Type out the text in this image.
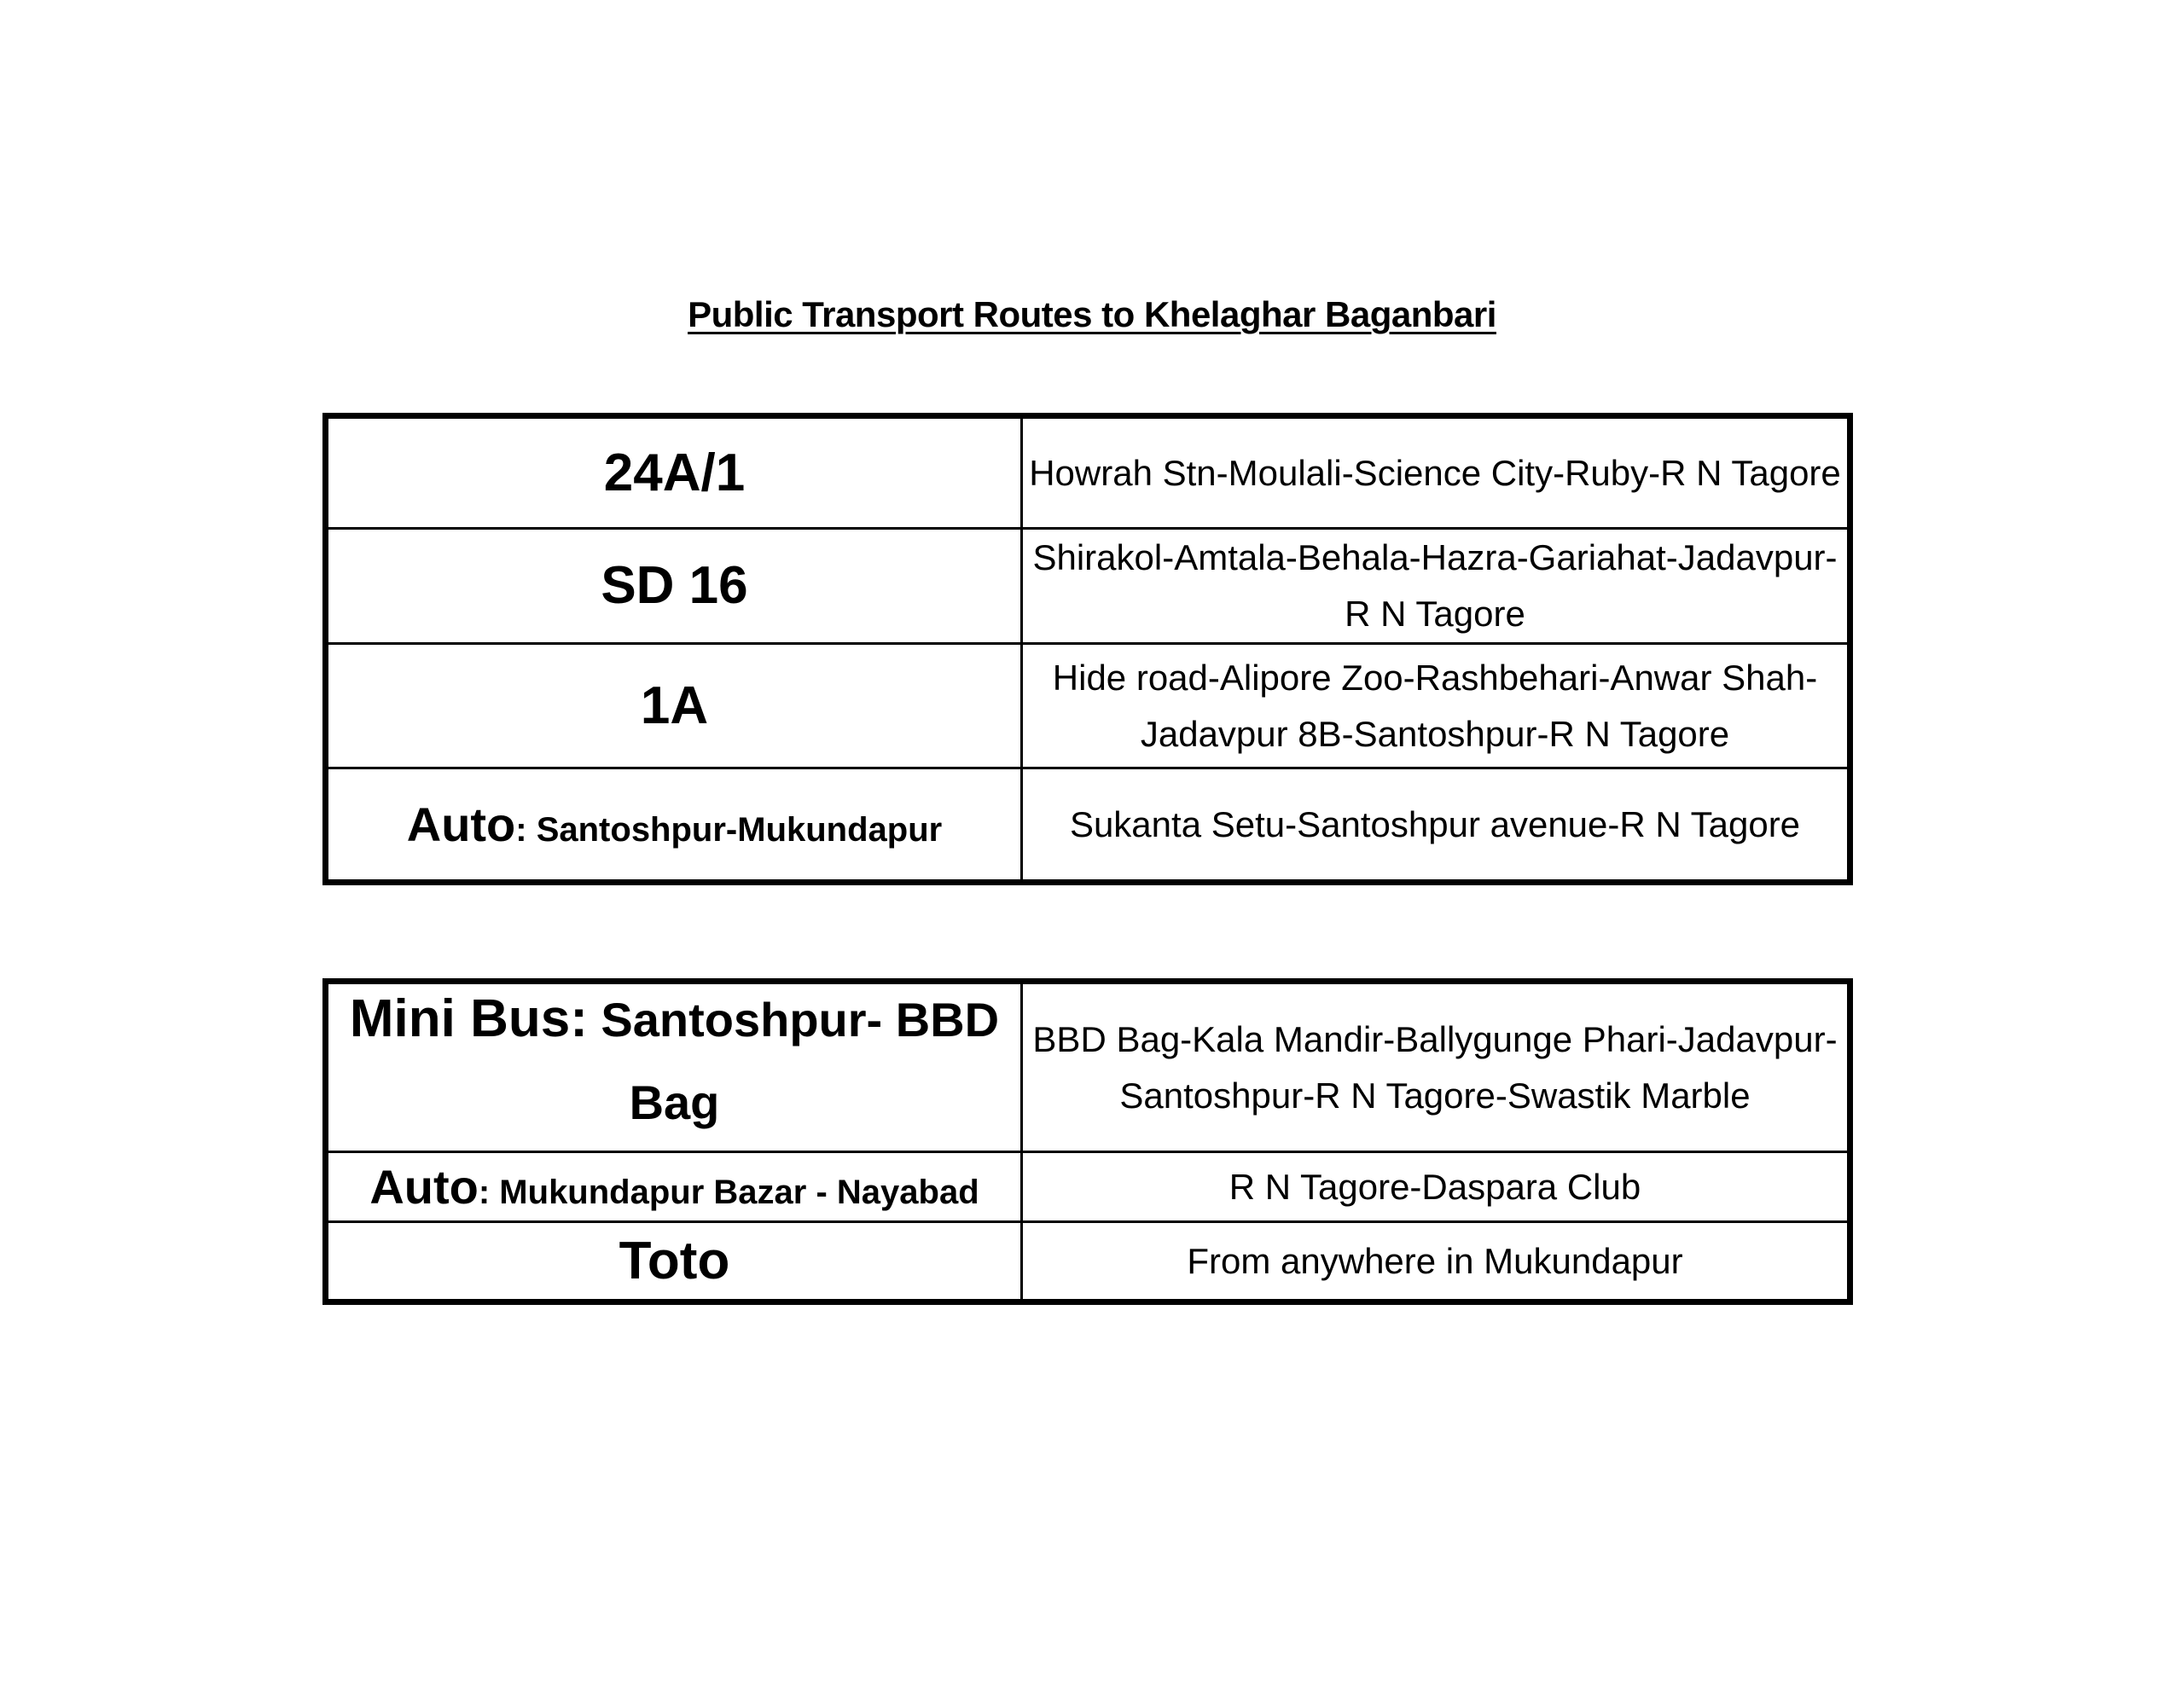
Public Transport Routes to Khelaghar Baganbari
24A/1	Howrah Stn-Moulali-Science City-Ruby-R N Tagore
SD 16	Shirakol-Amtala-Behala-Hazra-Gariahat-Jadavpur-R N Tagore
1A	Hide road-Alipore Zoo-Rashbehari-Anwar Shah-Jadavpur 8B-Santoshpur-R N Tagore
Auto: Santoshpur-Mukundapur	Sukanta Setu-Santoshpur avenue-R N Tagore
Mini Bus: Santoshpur- BBD Bag	BBD Bag-Kala Mandir-Ballygunge Phari-Jadavpur-Santoshpur-R N Tagore-Swastik Marble
Auto: Mukundapur Bazar - Nayabad	R N Tagore-Daspara Club
Toto	From anywhere in Mukundapur
